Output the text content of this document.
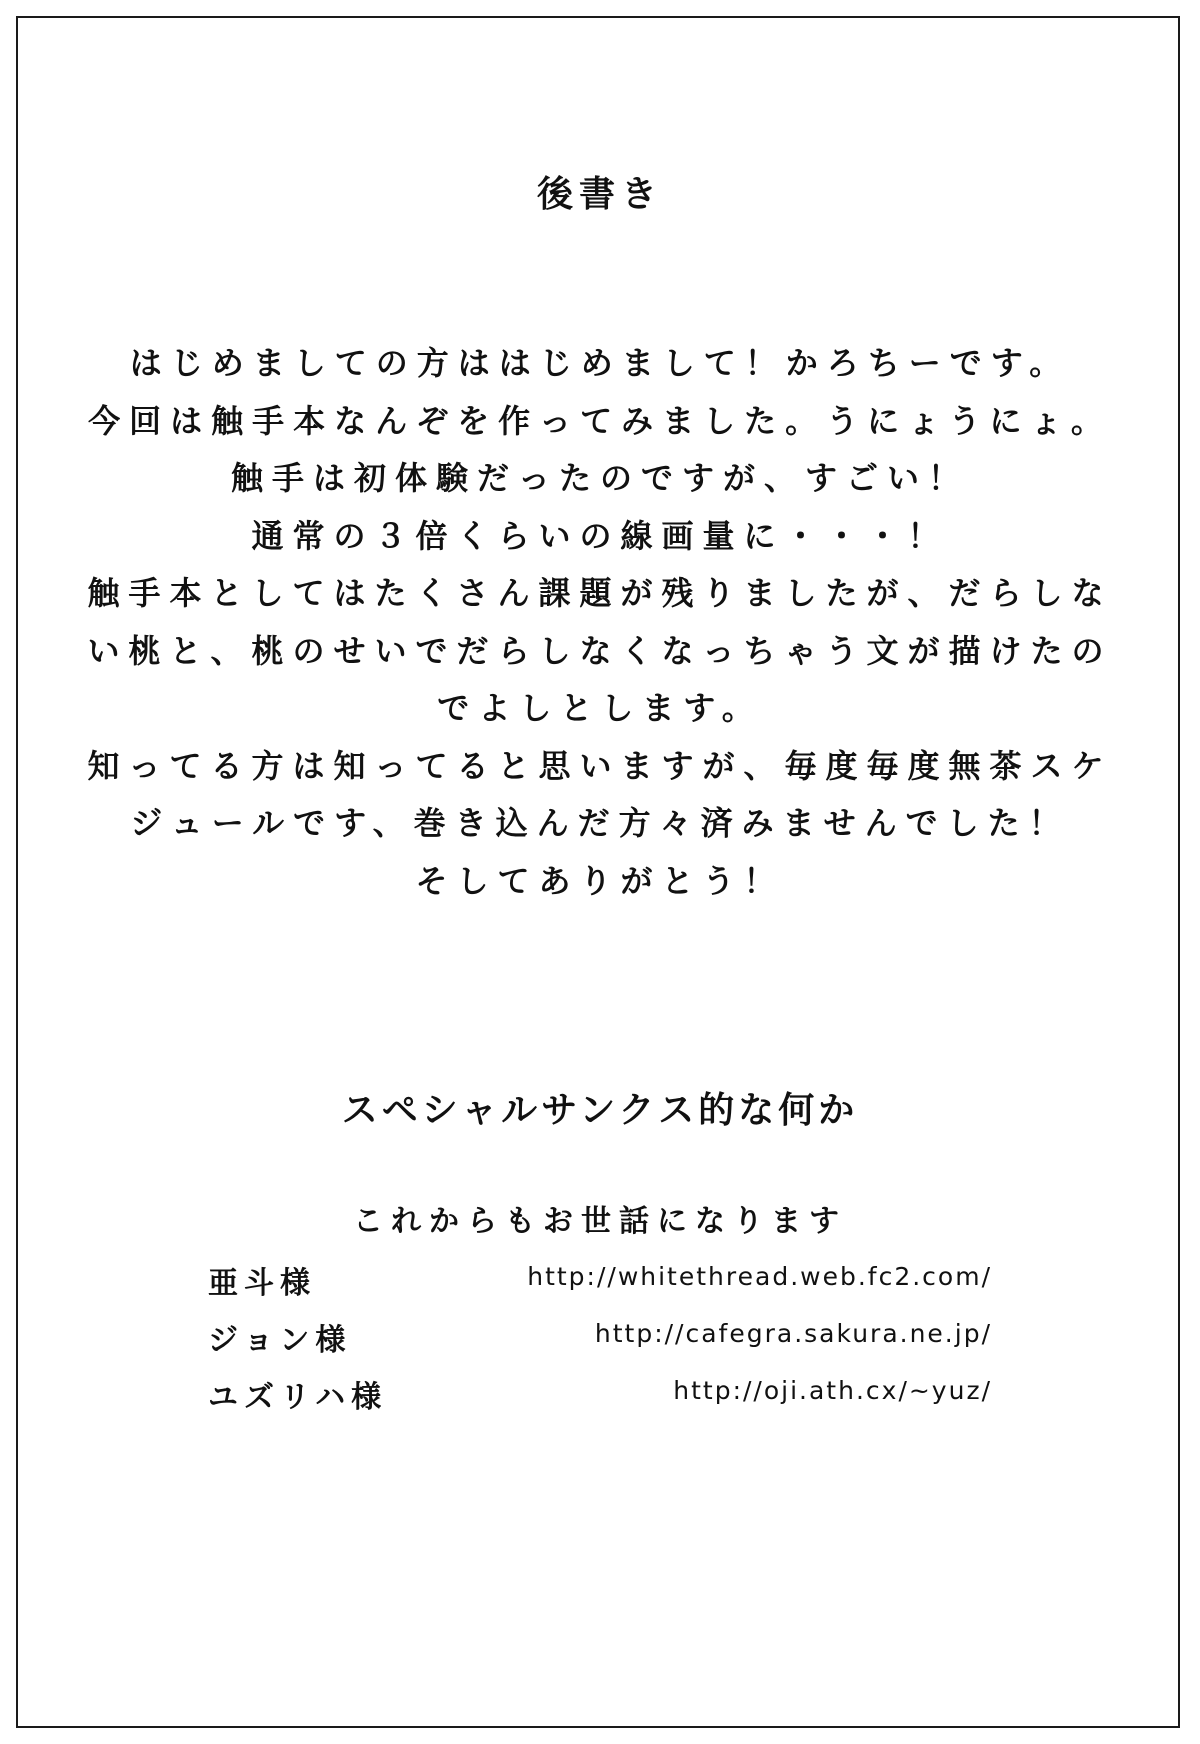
後書き
はじめましての方ははじめまして！かろちーです。
今回は触手本なんぞを作ってみました。うにょうにょ。
触手は初体験だったのですが、すごい！
通常の３倍くらいの線画量に・・・！
触手本としてはたくさん課題が残りましたが、だらしな
い桃と、桃のせいでだらしなくなっちゃう文が描けたの
でよしとします。
知ってる方は知ってると思いますが、毎度毎度無茶スケ
ジュールです、巻き込んだ方々済みませんでした！
そしてありがとう！
スペシャルサンクス的な何か
これからもお世話になります
亜斗様	http://whitethread.web.fc2.com/
ジョン様	http://cafegra.sakura.ne.jp/
ユズリハ様	http://oji.ath.cx/~yuz/
